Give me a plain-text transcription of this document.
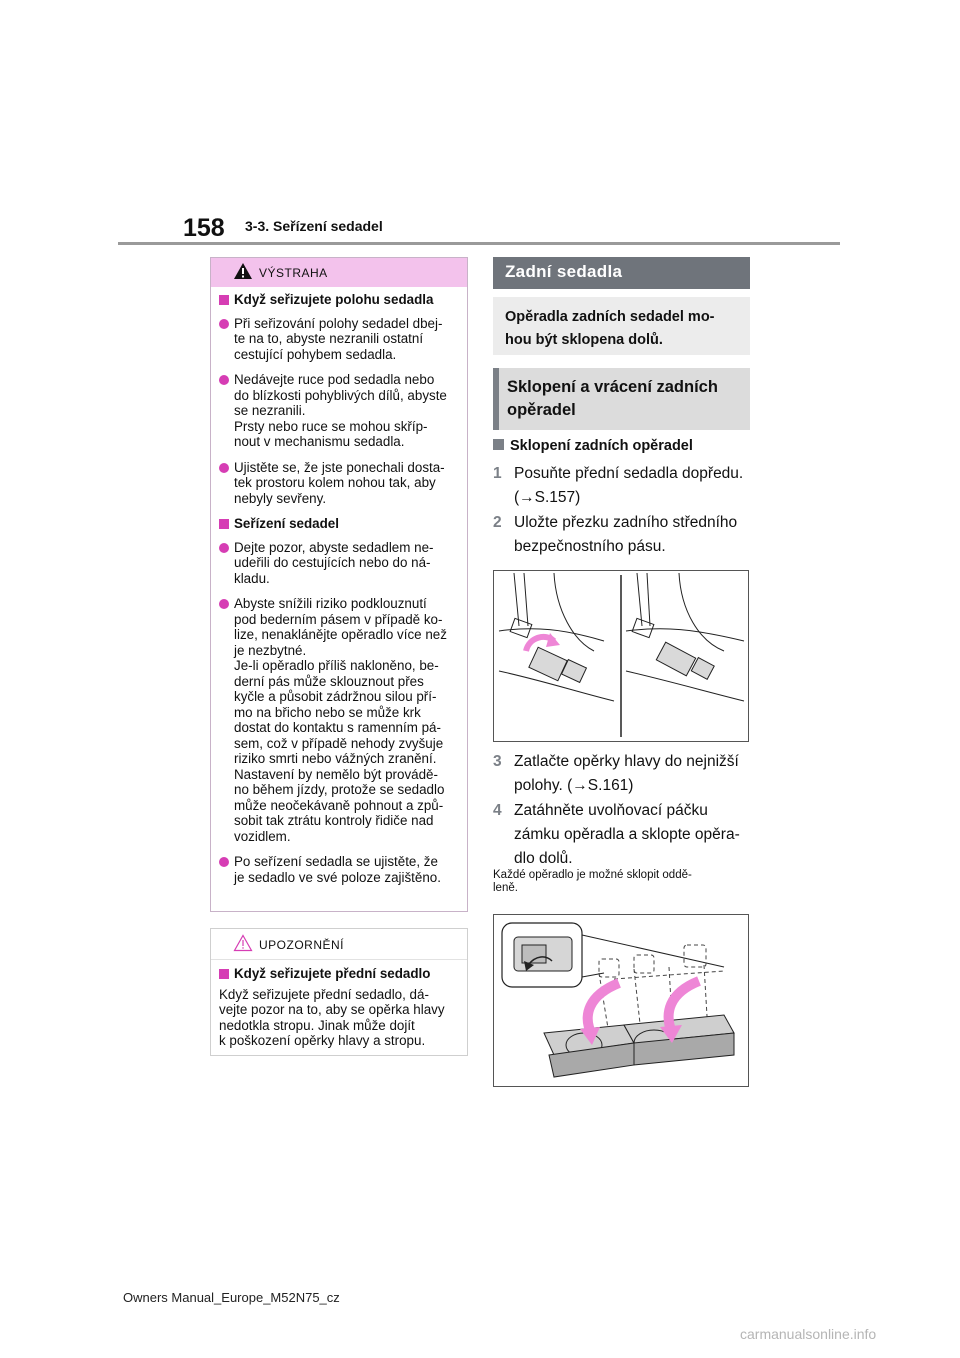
158 3-3. Seřízení sedadel
VÝSTRAHA
Když seřizujete polohu sedadla
Při seřizování polohy sedadel dbej-
te na to, abyste nezranili ostatní
cestující pohybem sedadla.
Nedávejte ruce pod sedadla nebo
do blízkosti pohyblivých dílů, abyste
se nezranili.
Prsty nebo ruce se mohou skříp-
nout v mechanismu sedadla.
Ujistěte se, že jste ponechali dosta-
tek prostoru kolem nohou tak, aby
nebyly sevřeny.
Seřízení sedadel
Dejte pozor, abyste sedadlem ne-
udeřili do cestujících nebo do ná-
kladu.
Abyste snížili riziko podklouznutí
pod bederním pásem v případě ko-
lize, nenaklánějte opěradlo více než
je nezbytné.
Je-li opěradlo příliš nakloněno, be-
derní pás může sklouznout přes
kyčle a působit zádržnou silou pří-
mo na břicho nebo se může krk
dostat do kontaktu s ramenním pá-
sem, což v případě nehody zvyšuje
riziko smrti nebo vážných zranění.
Nastavení by nemělo být provádě-
no během jízdy, protože se sedadlo
může neočekávaně pohnout a způ-
sobit tak ztrátu kontroly řidiče nad
vozidlem.
Po seřízení sedadla se ujistěte, že
je sedadlo ve své poloze zajištěno.
UPOZORNĚNÍ
Když seřizujete přední sedadlo
Když seřizujete přední sedadlo, dá-
vejte pozor na to, aby se opěrka hlavy
nedotkla stropu. Jinak může dojít
k poškození opěrky hlavy a stropu.
Zadní sedadla
Opěradla zadních sedadel mo-
hou být sklopena dolů.
Sklopení a vrácení zadních
opěradel
Sklopení zadních opěradel
1 Posuňte přední sedadla dopředu.
(→S.157)
2 Uložte přezku zadního středního
bezpečnostního pásu.
3 Zatlačte opěrky hlavy do nejnižší
polohy. (→S.161)
4 Zatáhněte uvolňovací páčku
zámku opěradla a sklopte opěra-
dlo dolů.
Každé opěradlo je možné sklopit oddě-
leně.
Owners Manual_Europe_M52N75_cz
carmanualsonline.info
